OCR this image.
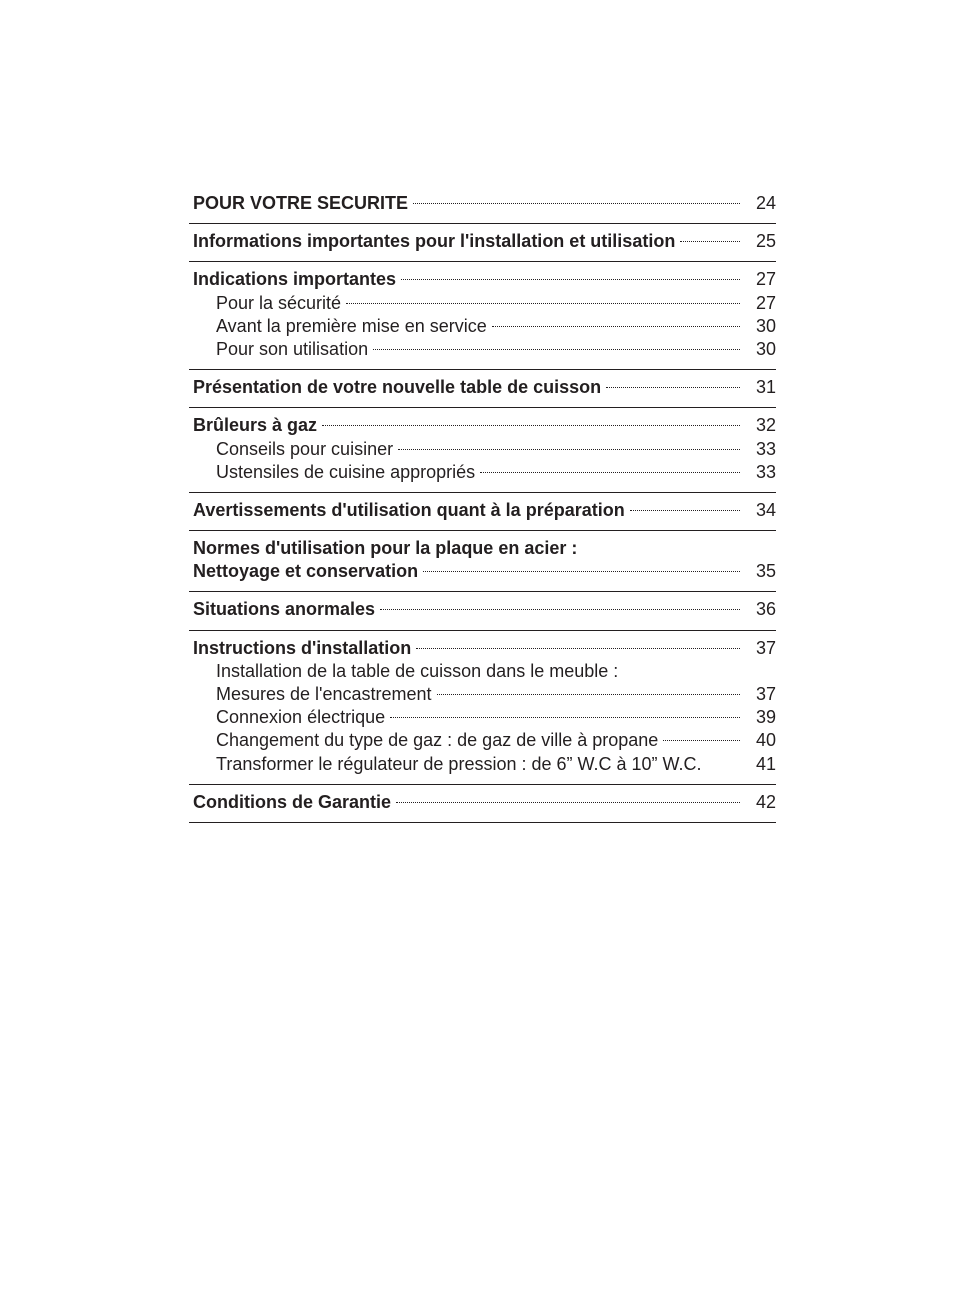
POUR VOTRE SECURITE	24
Informations importantes pour l'installation et utilisation	25
Indications importantes	27
Pour la sécurité	27
Avant la première mise en service	30
Pour son utilisation	30
Présentation de votre nouvelle table de cuisson	31
Brûleurs à gaz	32
Conseils pour cuisiner	33
Ustensiles de cuisine appropriés	33
Avertissements d'utilisation quant à la préparation	34
Normes d'utilisation pour la plaque en acier :
Nettoyage et conservation	35
Situations anormales	36
Instructions d'installation	37
Installation de la table de cuisson dans le meuble :
Mesures de l'encastrement	37
Connexion électrique	39
Changement du type de gaz : de gaz de ville à propane	40
Transformer le régulateur de pression : de 6” W.C à 10” W.C.	41
Conditions de Garantie	42
